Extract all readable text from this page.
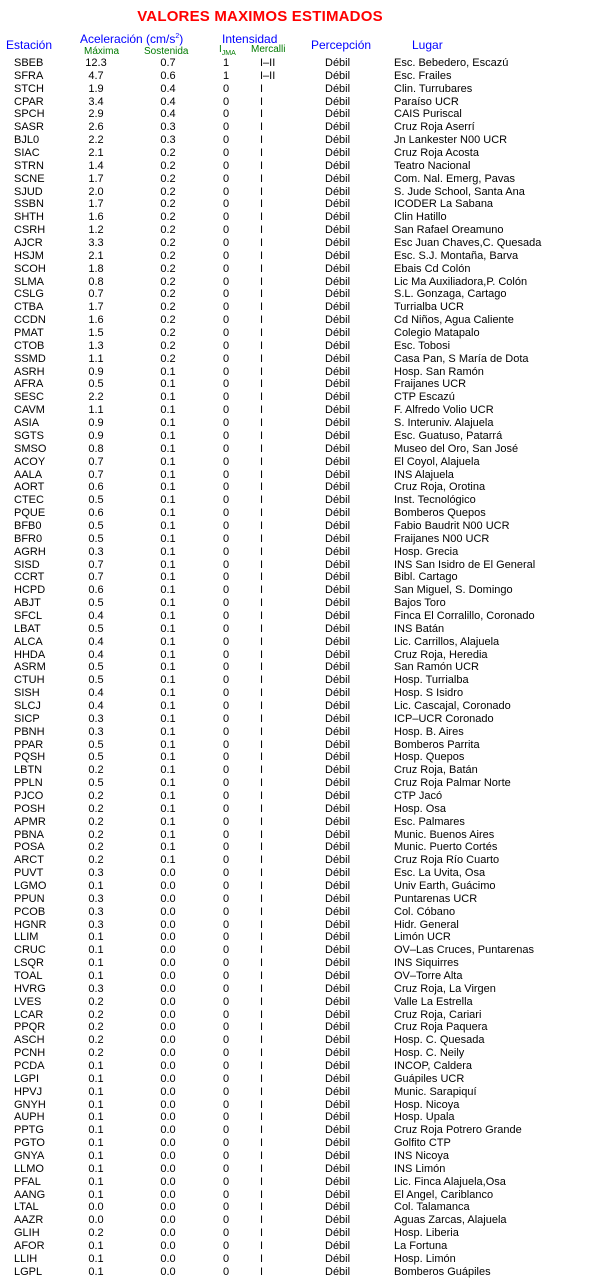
VALORES MAXIMOS ESTIMADOS
Estación Aceleración $(cm/s^2)$
Máxima Sostenida
Intensidad
$I_{JMA}$ Mercalli Percepción	Lugar
SBEB	12.3	0.7	1	I–II	Débil	Esc. Bebedero, Escazú
SFRA	4.7	0.6	1	I–II	Débil	Esc. Frailes
STCH	1.9	0.4	0	I	Débil	Clin. Turrubares
CPAR	3.4	0.4	0	I	Débil	Paraíso UCR
SPCH	2.9	0.4	0	I	Débil	CAIS Puriscal
SASR	2.6	0.3	0	I	Débil	Cruz Roja Aserrí
BJL0	2.2	0.3	0	I	Débil	Jn Lankester N00 UCR
SIAC	2.1	0.2	0	I	Débil	Cruz Roja Acosta
STRN	1.4	0.2	0	I	Débil	Teatro Nacional
SCNE	1.7	0.2	0	I	Débil	Com. Nal. Emerg, Pavas
SJUD	2.0	0.2	0	I	Débil	S. Jude School, Santa Ana
SSBN	1.7	0.2	0	I	Débil	ICODER La Sabana
SHTH	1.6	0.2	0	I	Débil	Clin Hatillo
CSRH	1.2	0.2	0	I	Débil	San Rafael Oreamuno
AJCR	3.3	0.2	0	I	Débil	Esc Juan Chaves,C. Quesada
HSJM	2.1	0.2	0	I	Débil	Esc. S.J. Montaña, Barva
SCOH	1.8	0.2	0	I	Débil	Ebais Cd Colón
SLMA	0.8	0.2	0	I	Débil	Lic Ma Auxiliadora,P. Colón
CSLG	0.7	0.2	0	I	Débil	S.L. Gonzaga, Cartago
CTBA	1.7	0.2	0	I	Débil	Turrialba UCR
CCDN	1.6	0.2	0	I	Débil	Cd Niños, Agua Caliente
PMAT	1.5	0.2	0	I	Débil	Colegio Matapalo
CTOB	1.3	0.2	0	I	Débil	Esc. Tobosi
SSMD	1.1	0.2	0	I	Débil	Casa Pan, S María de Dota
ASRH	0.9	0.1	0	I	Débil	Hosp. San Ramón
AFRA	0.5	0.1	0	I	Débil	Fraijanes UCR
SESC	2.2	0.1	0	I	Débil	CTP Escazú
CAVM	1.1	0.1	0	I	Débil	F. Alfredo Volio UCR
ASIA	0.9	0.1	0	I	Débil	S. Interuniv. Alajuela
SGTS	0.9	0.1	0	I	Débil	Esc. Guatuso, Patarrá
SMSO	0.8	0.1	0	I	Débil	Museo del Oro, San José
ACOY	0.7	0.1	0	I	Débil	El Coyol, Alajuela
AALA	0.7	0.1	0	I	Débil	INS Alajuela
AORT	0.6	0.1	0	I	Débil	Cruz Roja, Orotina
CTEC	0.5	0.1	0	I	Débil	Inst. Tecnológico
PQUE	0.6	0.1	0	I	Débil	Bomberos Quepos
BFB0	0.5	0.1	0	I	Débil	Fabio Baudrit N00 UCR
BFR0	0.5	0.1	0	I	Débil	Fraijanes N00 UCR
AGRH	0.3	0.1	0	I	Débil	Hosp. Grecia
SISD	0.7	0.1	0	I	Débil	INS San Isidro de El General
CCRT	0.7	0.1	0	I	Débil	Bibl. Cartago
HCPD	0.6	0.1	0	I	Débil	San Miguel, S. Domingo
ABJT	0.5	0.1	0	I	Débil	Bajos Toro
SFCL	0.4	0.1	0	I	Débil	Finca El Corralillo, Coronado
LBAT	0.5	0.1	0	I	Débil	INS Batán
ALCA	0.4	0.1	0	I	Débil	Lic. Carrillos, Alajuela
HHDA	0.4	0.1	0	I	Débil	Cruz Roja, Heredia
ASRM	0.5	0.1	0	I	Débil	San Ramón UCR
CTUH	0.5	0.1	0	I	Débil	Hosp. Turrialba
SISH	0.4	0.1	0	I	Débil	Hosp. S Isidro
SLCJ	0.4	0.1	0	I	Débil	Lic. Cascajal, Coronado
SICP	0.3	0.1	0	I	Débil	ICP–UCR Coronado
PBNH	0.3	0.1	0	I	Débil	Hosp. B. Aires
PPAR	0.5	0.1	0	I	Débil	Bomberos Parrita
PQSH	0.5	0.1	0	I	Débil	Hosp. Quepos
LBTN	0.2	0.1	0	I	Débil	Cruz Roja, Batán
PPLN	0.5	0.1	0	I	Débil	Cruz Roja Palmar Norte
PJCO	0.2	0.1	0	I	Débil	CTP Jacó
POSH	0.2	0.1	0	I	Débil	Hosp. Osa
APMR	0.2	0.1	0	I	Débil	Esc. Palmares
PBNA	0.2	0.1	0	I	Débil	Munic. Buenos Aires
POSA	0.2	0.1	0	I	Débil	Munic. Puerto Cortés
ARCT	0.2	0.1	0	I	Débil	Cruz Roja Río Cuarto
PUVT	0.3	0.0	0	I	Débil	Esc. La Uvita, Osa
LGMO	0.1	0.0	0	I	Débil	Univ Earth, Guácimo
PPUN	0.3	0.0	0	I	Débil	Puntarenas UCR
PCOB	0.3	0.0	0	I	Débil	Col. Cóbano
HGNR	0.3	0.0	0	I	Débil	Hidr. General
LLIM	0.1	0.0	0	I	Débil	Limón UCR
CRUC	0.1	0.0	0	I	Débil	OV–Las Cruces, Puntarenas
LSQR	0.1	0.0	0	I	Débil	INS Siquirres
TOAL	0.1	0.0	0	I	Débil	OV–Torre Alta
HVRG	0.3	0.0	0	I	Débil	Cruz Roja, La Virgen
LVES	0.2	0.0	0	I	Débil	Valle La Estrella
LCAR	0.2	0.0	0	I	Débil	Cruz Roja, Cariari
PPQR	0.2	0.0	0	I	Débil	Cruz Roja Paquera
ASCH	0.2	0.0	0	I	Débil	Hosp. C. Quesada
PCNH	0.2	0.0	0	I	Débil	Hosp. C. Neily
PCDA	0.1	0.0	0	I	Débil	INCOP, Caldera
LGPI	0.1	0.0	0	I	Débil	Guápiles UCR
HPVJ	0.1	0.0	0	I	Débil	Munic. Sarapiquí
GNYH	0.1	0.0	0	I	Débil	Hosp. Nicoya
AUPH	0.1	0.0	0	I	Débil	Hosp. Upala
PPTG	0.1	0.0	0	I	Débil	Cruz Roja Potrero Grande
PGTO	0.1	0.0	0	I	Débil	Golfito CTP
GNYA	0.1	0.0	0	I	Débil	INS Nicoya
LLMO	0.1	0.0	0	I	Débil	INS Limón
PFAL	0.1	0.0	0	I	Débil	Lic. Finca Alajuela,Osa
AANG	0.1	0.0	0	I	Débil	El Angel, Cariblanco
LTAL	0.0	0.0	0	I	Débil	Col. Talamanca
AAZR	0.0	0.0	0	I	Débil	Aguas Zarcas, Alajuela
GLIH	0.2	0.0	0	I	Débil	Hosp. Liberia
AFOR	0.1	0.0	0	I	Débil	La Fortuna
LLIH	0.1	0.0	0	I	Débil	Hosp. Limón
LGPL	0.1	0.0	0	I	Débil	Bomberos Guápiles
